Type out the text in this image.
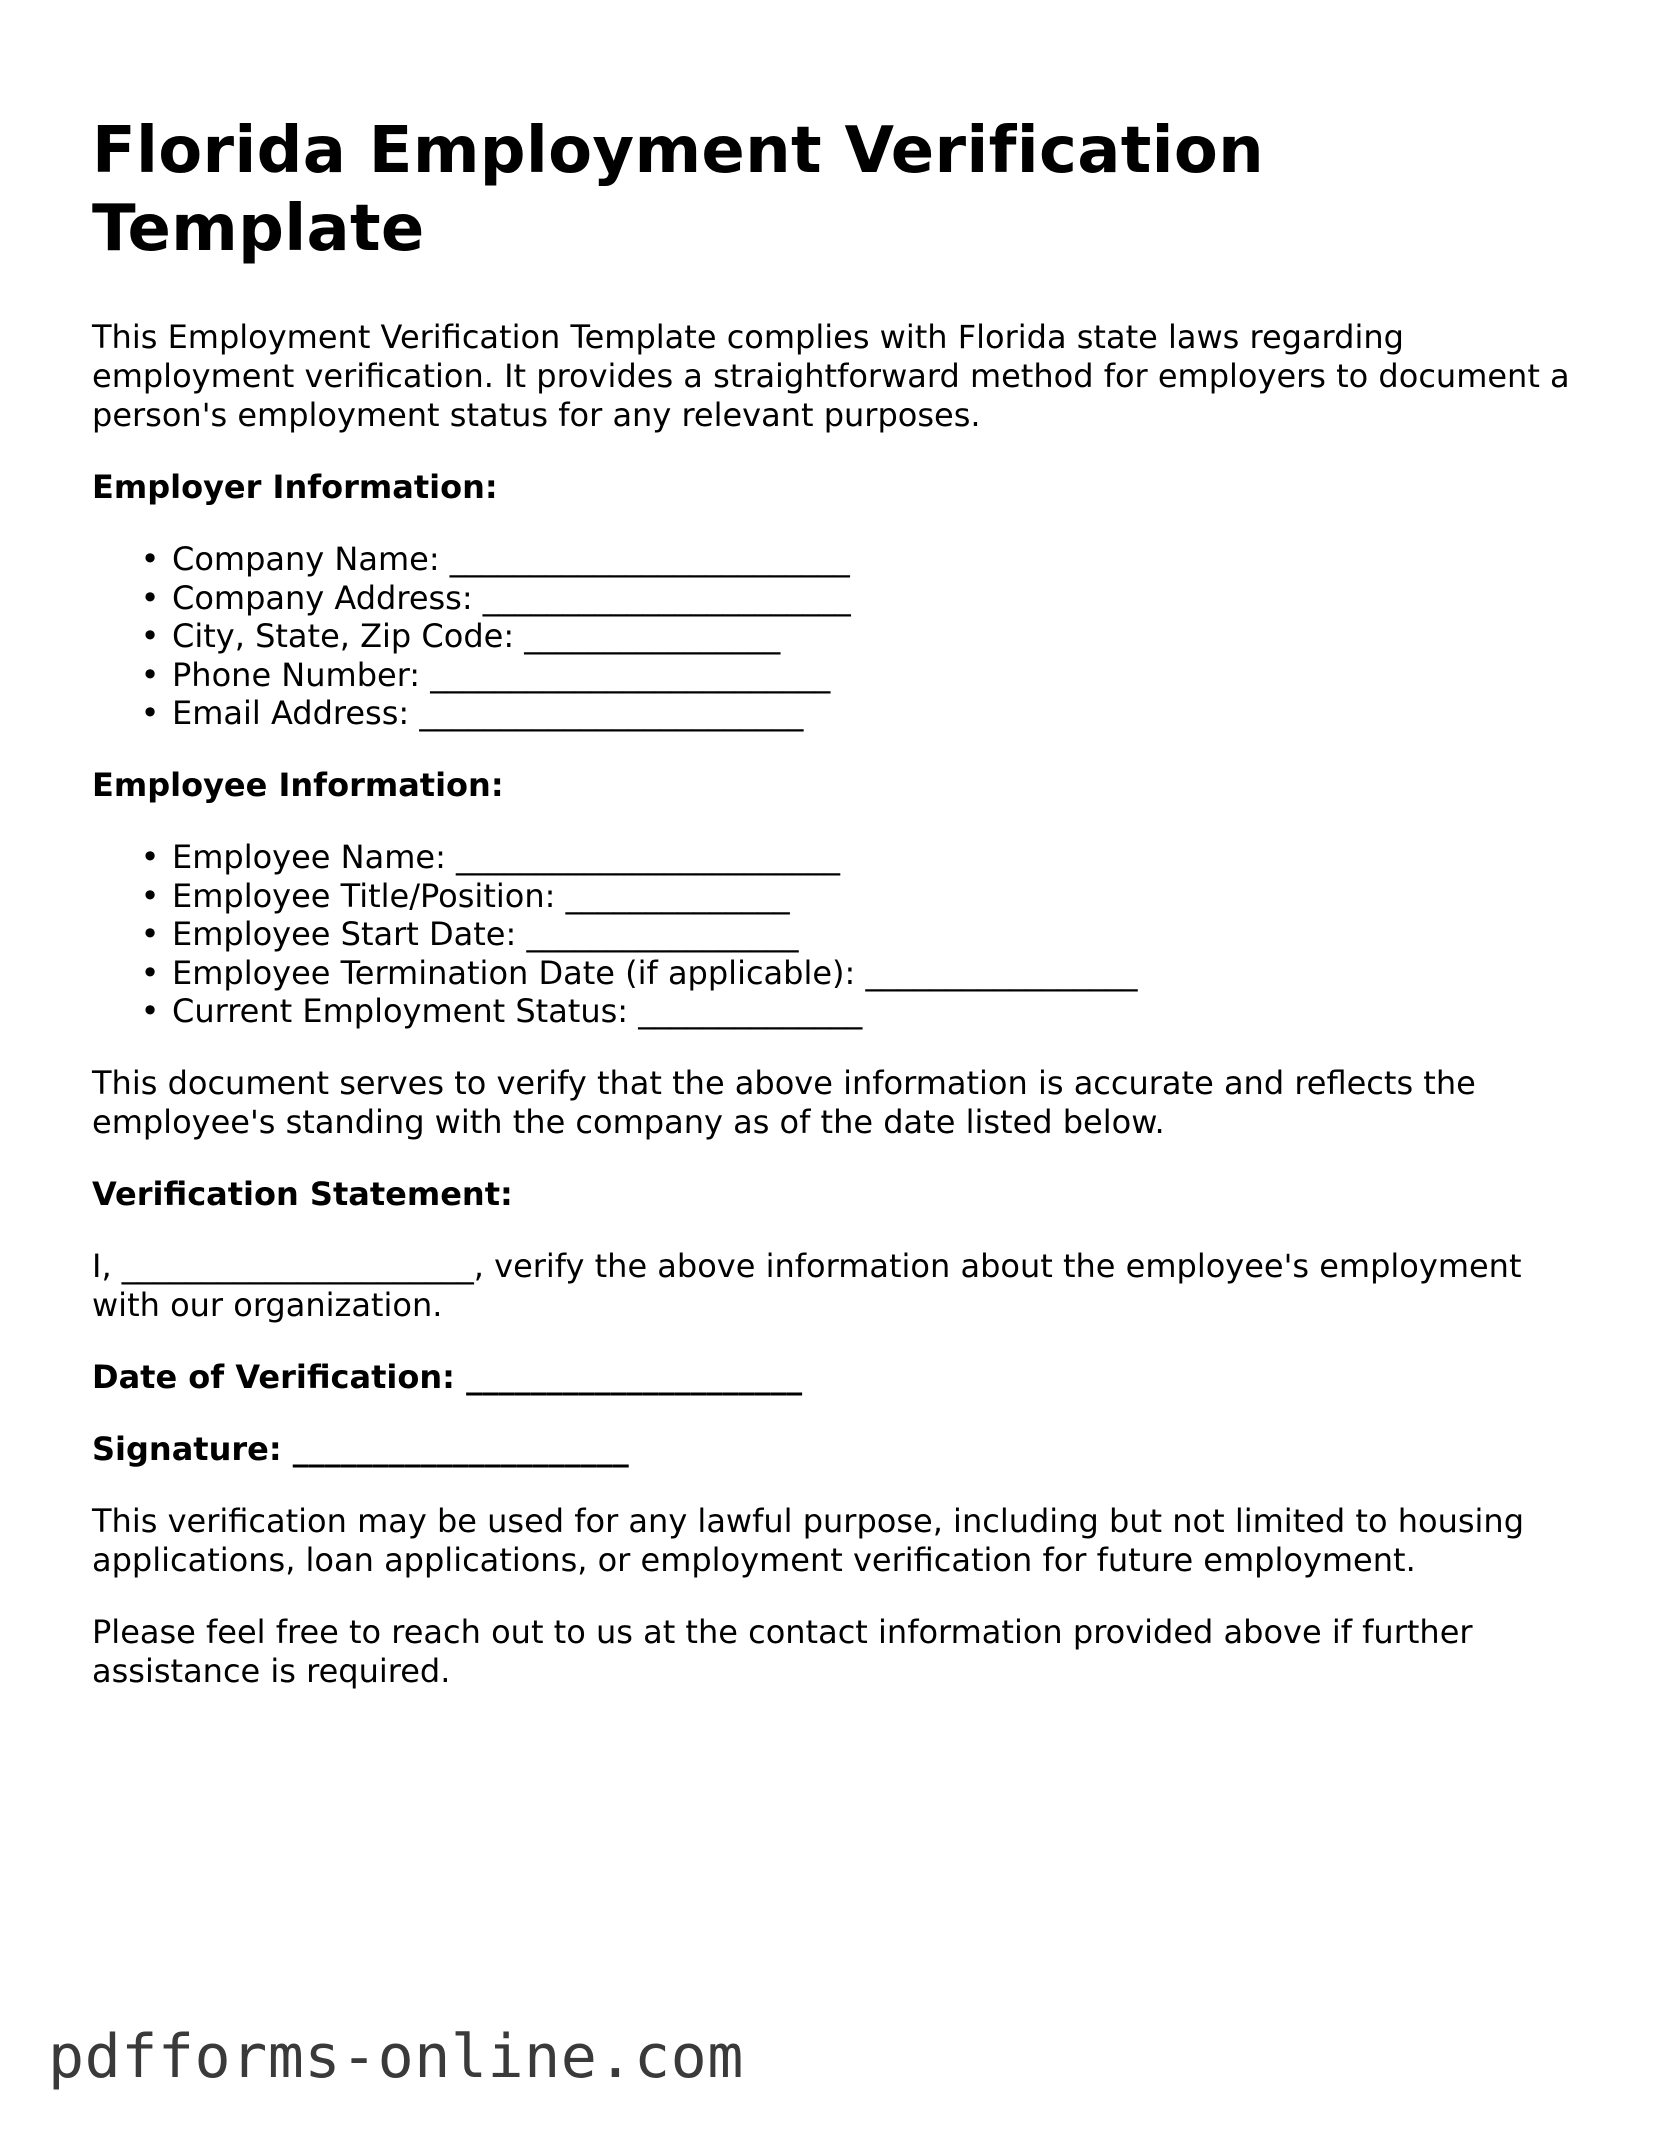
Florida Employment Verification Template

This Employment Verification Template complies with Florida state laws regarding employment verification. It provides a straightforward method for employers to document a person's employment status for any relevant purposes.

Employer Information:

• Company Name: _________________________
• Company Address: _______________________
• City, State, Zip Code: ________________
• Phone Number: _________________________
• Email Address: ________________________

Employee Information:

• Employee Name: ________________________
• Employee Title/Position: ______________
• Employee Start Date: _________________
• Employee Termination Date (if applicable): _________________
• Current Employment Status: ______________

This document serves to verify that the above information is accurate and reflects the employee's standing with the company as of the date listed below.

Verification Statement:

I, ______________________, verify the above information about the employee's employment with our organization.

Date of Verification: _____________________

Signature: _____________________

This verification may be used for any lawful purpose, including but not limited to housing applications, loan applications, or employment verification for future employment.

Please feel free to reach out to us at the contact information provided above if further assistance is required.

pdfforms-online.com
